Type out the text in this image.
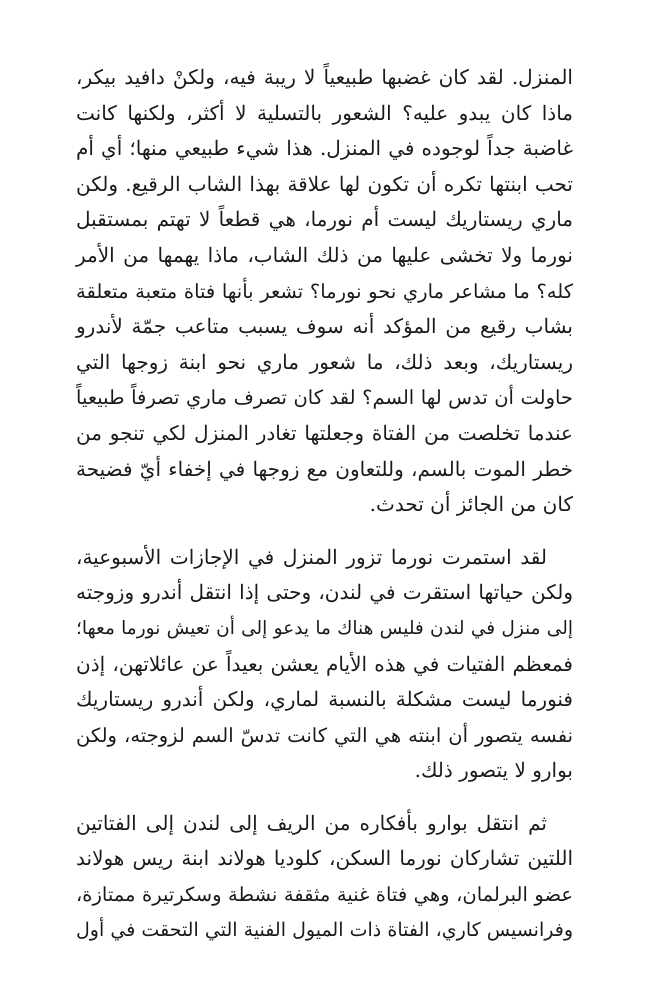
المنزل. لقد كان غضبها طبيعياً لا ريبة فيه، ولكنْ دافيد بيكر،
ماذا كان يبدو عليه؟ الشعور بالتسلية لا أكثر، ولكنها كانت
غاضبة جداً لوجوده في المنزل. هذا شيء طبيعي منها؛ أي أم
تحب ابنتها تكره أن تكون لها علاقة بهذا الشاب الرقيع. ولكن
ماري ريستاريك ليست أم نورما، هي قطعاً لا تهتم بمستقبل
نورما ولا تخشى عليها من ذلك الشاب، ماذا يهمها من الأمر
كله؟ ما مشاعر ماري نحو نورما؟ تشعر بأنها فتاة متعبة متعلقة
بشاب رقيع من المؤكد أنه سوف يسبب متاعب جمّة لأندرو
ريستاريك، وبعد ذلك، ما شعور ماري نحو ابنة زوجها التي
حاولت أن تدس لها السم؟ لقد كان تصرف ماري تصرفاً طبيعياً
عندما تخلصت من الفتاة وجعلتها تغادر المنزل لكي تنجو من
خطر الموت بالسم، وللتعاون مع زوجها في إخفاء أيّ فضيحة
كان من الجائز أن تحدث.
لقد استمرت نورما تزور المنزل في الإجازات الأسبوعية،
ولكن حياتها استقرت في لندن، وحتى إذا انتقل أندرو وزوجته
إلى منزل في لندن فليس هناك ما يدعو إلى أن تعيش نورما معها؛
فمعظم الفتيات في هذه الأيام يعشن بعيداً عن عائلاتهن، إذن
فنورما ليست مشكلة بالنسبة لماري، ولكن أندرو ريستاريك
نفسه يتصور أن ابنته هي التي كانت تدسّ السم لزوجته، ولكن
بوارو لا يتصور ذلك.
ثم انتقل بوارو بأفكاره من الريف إلى لندن إلى الفتاتين
اللتين تشاركان نورما السكن، كلوديا هولاند ابنة ريس هولاند
عضو البرلمان، وهي فتاة غنية مثقفة نشطة وسكرتيرة ممتازة،
وفرانسيس كاري، الفتاة ذات الميول الفنية التي التحقت في أول
